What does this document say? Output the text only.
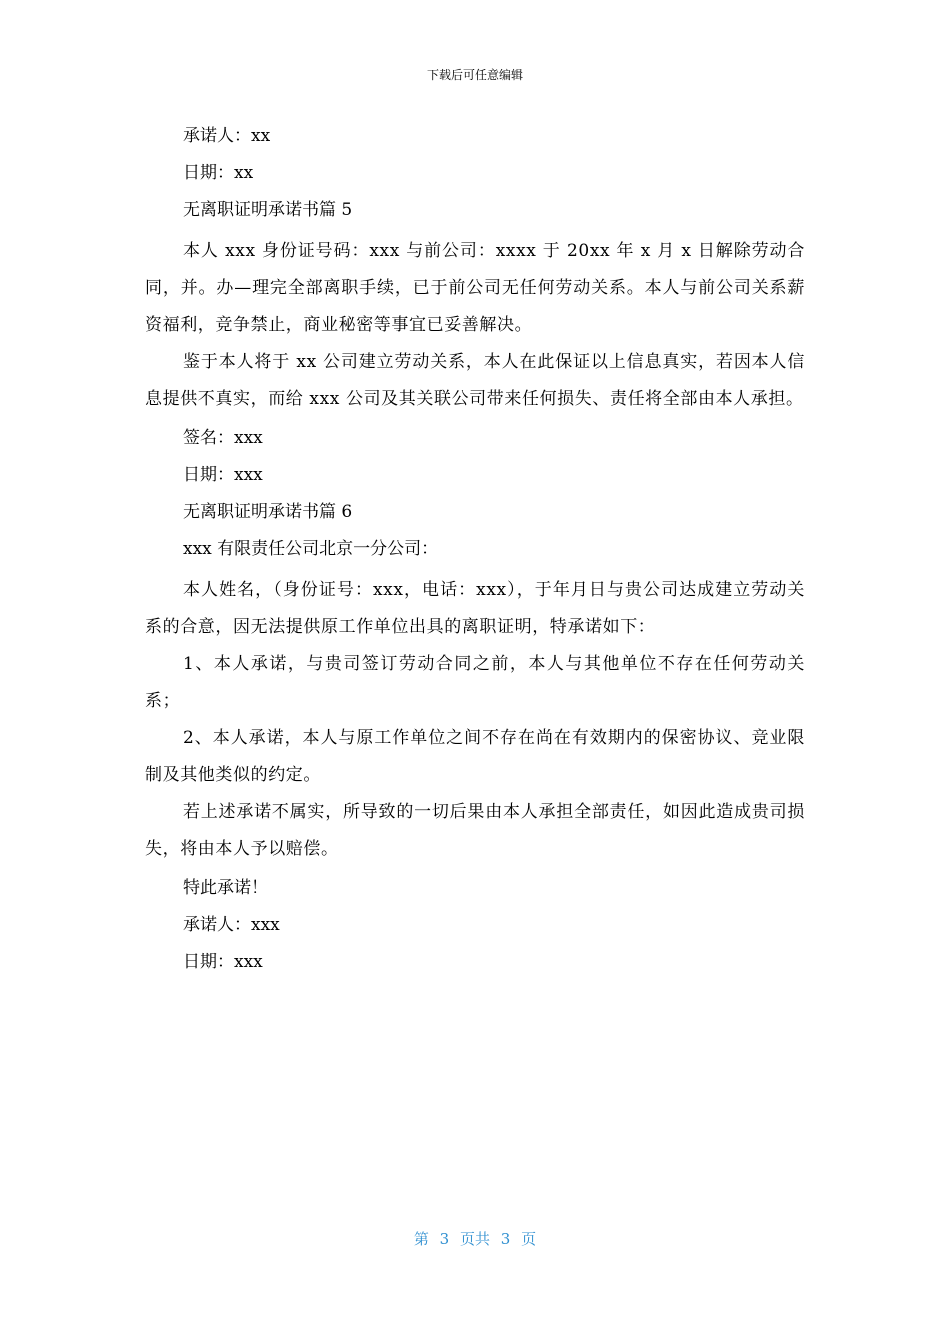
下载后可任意编辑
承诺人：xx
日期：xx
无离职证明承诺书篇 5
本人 xxx 身份证号码：xxx 与前公司：xxxx 于 20xx 年 x 月 x 日解除劳动合同，并。办—理完全部离职手续，已于前公司无任何劳动关系。本人与前公司关系薪资福利，竞争禁止，商业秘密等事宜已妥善解决。
鉴于本人将于 xx 公司建立劳动关系，本人在此保证以上信息真实，若因本人信息提供不真实，而给 xxx 公司及其关联公司带来任何损失、责任将全部由本人承担。
签名：xxx
日期：xxx
无离职证明承诺书篇 6
xxx 有限责任公司北京一分公司：
本人姓名，（身份证号：xxx，电话：xxx），于年月日与贵公司达成建立劳动关系的合意，因无法提供原工作单位出具的离职证明，特承诺如下：
1、本人承诺，与贵司签订劳动合同之前，本人与其他单位不存在任何劳动关系；
2、本人承诺，本人与原工作单位之间不存在尚在有效期内的保密协议、竞业限制及其他类似的约定。
若上述承诺不属实，所导致的一切后果由本人承担全部责任，如因此造成贵司损失，将由本人予以赔偿。
特此承诺！
承诺人：xxx
日期：xxx
第 3 页共 3 页
